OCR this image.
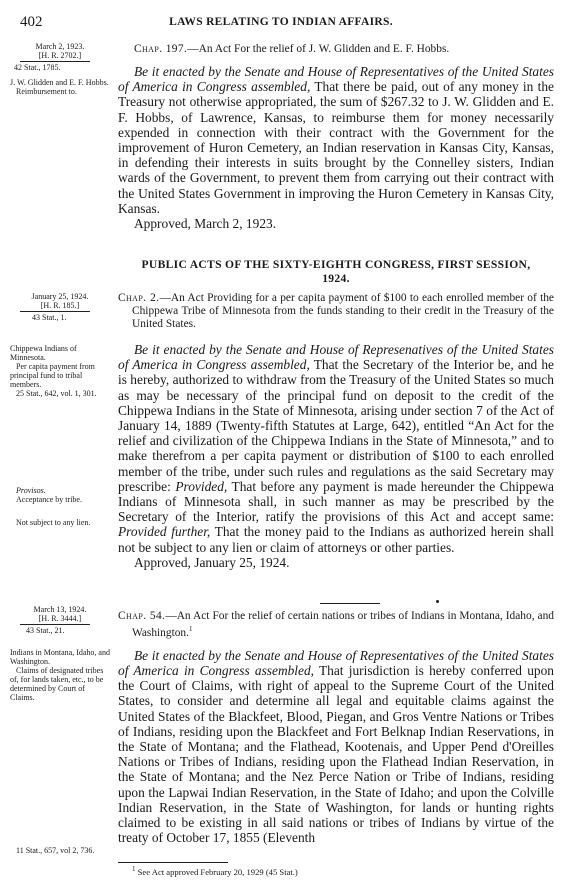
402	LAWS RELATING TO INDIAN AFFAIRS.
March 2, 1923.
[H. R. 2702.]
42 Stat., 1785.
J. W. Glidden and E. F. Hobbs.
Reimbursement to.

Chap. 197.—An Act For the relief of J. W. Glidden and E. F. Hobbs.

Be it enacted by the Senate and House of Representatives of the United States of America in Congress assembled, That there be paid, out of any money in the Treasury not otherwise appropriated, the sum of $267.32 to J. W. Glidden and E. F. Hobbs, of Lawrence, Kansas, to reimburse them for money necessarily expended in connection with their contract with the Government for the improvement of Huron Cemetery, an Indian reservation in Kansas City, Kansas, in defending their interests in suits brought by the Connelley sisters, Indian wards of the Government, to prevent them from carrying out their contract with the United States Government in improving the Huron Cemetery in Kansas City, Kansas.

Approved, March 2, 1923.

PUBLIC ACTS OF THE SIXTY-EIGHTH CONGRESS, FIRST SESSION, 1924.
January 25, 1924.
[H. R. 185.]
43 Stat., 1.
Chippewa Indians of Minnesota.
Per capita payment from principal fund to tribal members.
25 Stat., 642, vol. 1, 301.
Provisos.
Acceptance by tribe.
Not subject to any lien.

Chap. 2.—An Act Providing for a per capita payment of $100 to each enrolled member of the Chippewa Tribe of Minnesota from the funds standing to their credit in the Treasury of the United States.

Be it enacted by the Senate and House of Represenatives of the United States of America in Congress assembled, That the Secretary of the Interior be, and he is hereby, authorized to withdraw from the Treasury of the United States so much as may be necessary of the principal fund on deposit to the credit of the Chippewa Indians in the State of Minnesota, arising under section 7 of the Act of January 14, 1889 (Twenty-fifth Statutes at Large, 642), entitled “An Act for the relief and civilization of the Chippewa Indians in the State of Minnesota,” and to make therefrom a per capita payment or distribution of $100 to each enrolled member of the tribe, under such rules and regulations as the said Secretary may prescribe: Provided, That before any payment is made hereunder the Chippewa Indians of Minnesota shall, in such manner as may be prescribed by the Secretary of the Interior, ratify the provisions of this Act and accept same: Provided further, That the money paid to the Indians as authorized herein shall not be subject to any lien or claim of attorneys or other parties.

Approved, January 25, 1924.

March 13, 1924.
[H. R. 3444.]
43 Stat., 21.
Indians in Montana, Idaho, and Washington.
Claims of designated tribes of, for lands taken, etc., to be determined by Court of Claims.
11 Stat., 657, vol 2, 736.

Chap. 54.—An Act For the relief of certain nations or tribes of Indians in Montana, Idaho, and Washington.$^1$

Be it enacted by the Senate and House of Representatives of the United States of America in Congress assembled, That jurisdiction is hereby conferred upon the Court of Claims, with right of appeal to the Supreme Court of the United States, to consider and determine all legal and equitable claims against the United States of the Blackfeet, Blood, Piegan, and Gros Ventre Nations or Tribes of Indians, residing upon the Blackfeet and Fort Belknap Indian Reservations, in the State of Montana; and the Flathead, Kootenais, and Upper Pend d'Oreilles Nations or Tribes of Indians, residing upon the Flathead Indian Reservation, in the State of Montana; and the Nez Perce Nation or Tribe of Indians, residing upon the Lapwai Indian Reservation, in the State of Idaho; and upon the Colville Indian Reservation, in the State of Washington, for lands or hunting rights claimed to be existing in all said nations or tribes of Indians by virtue of the treaty of October 17, 1855 (Eleventh

$^1$ See Act approved February 20, 1929 (45 Stat.)
